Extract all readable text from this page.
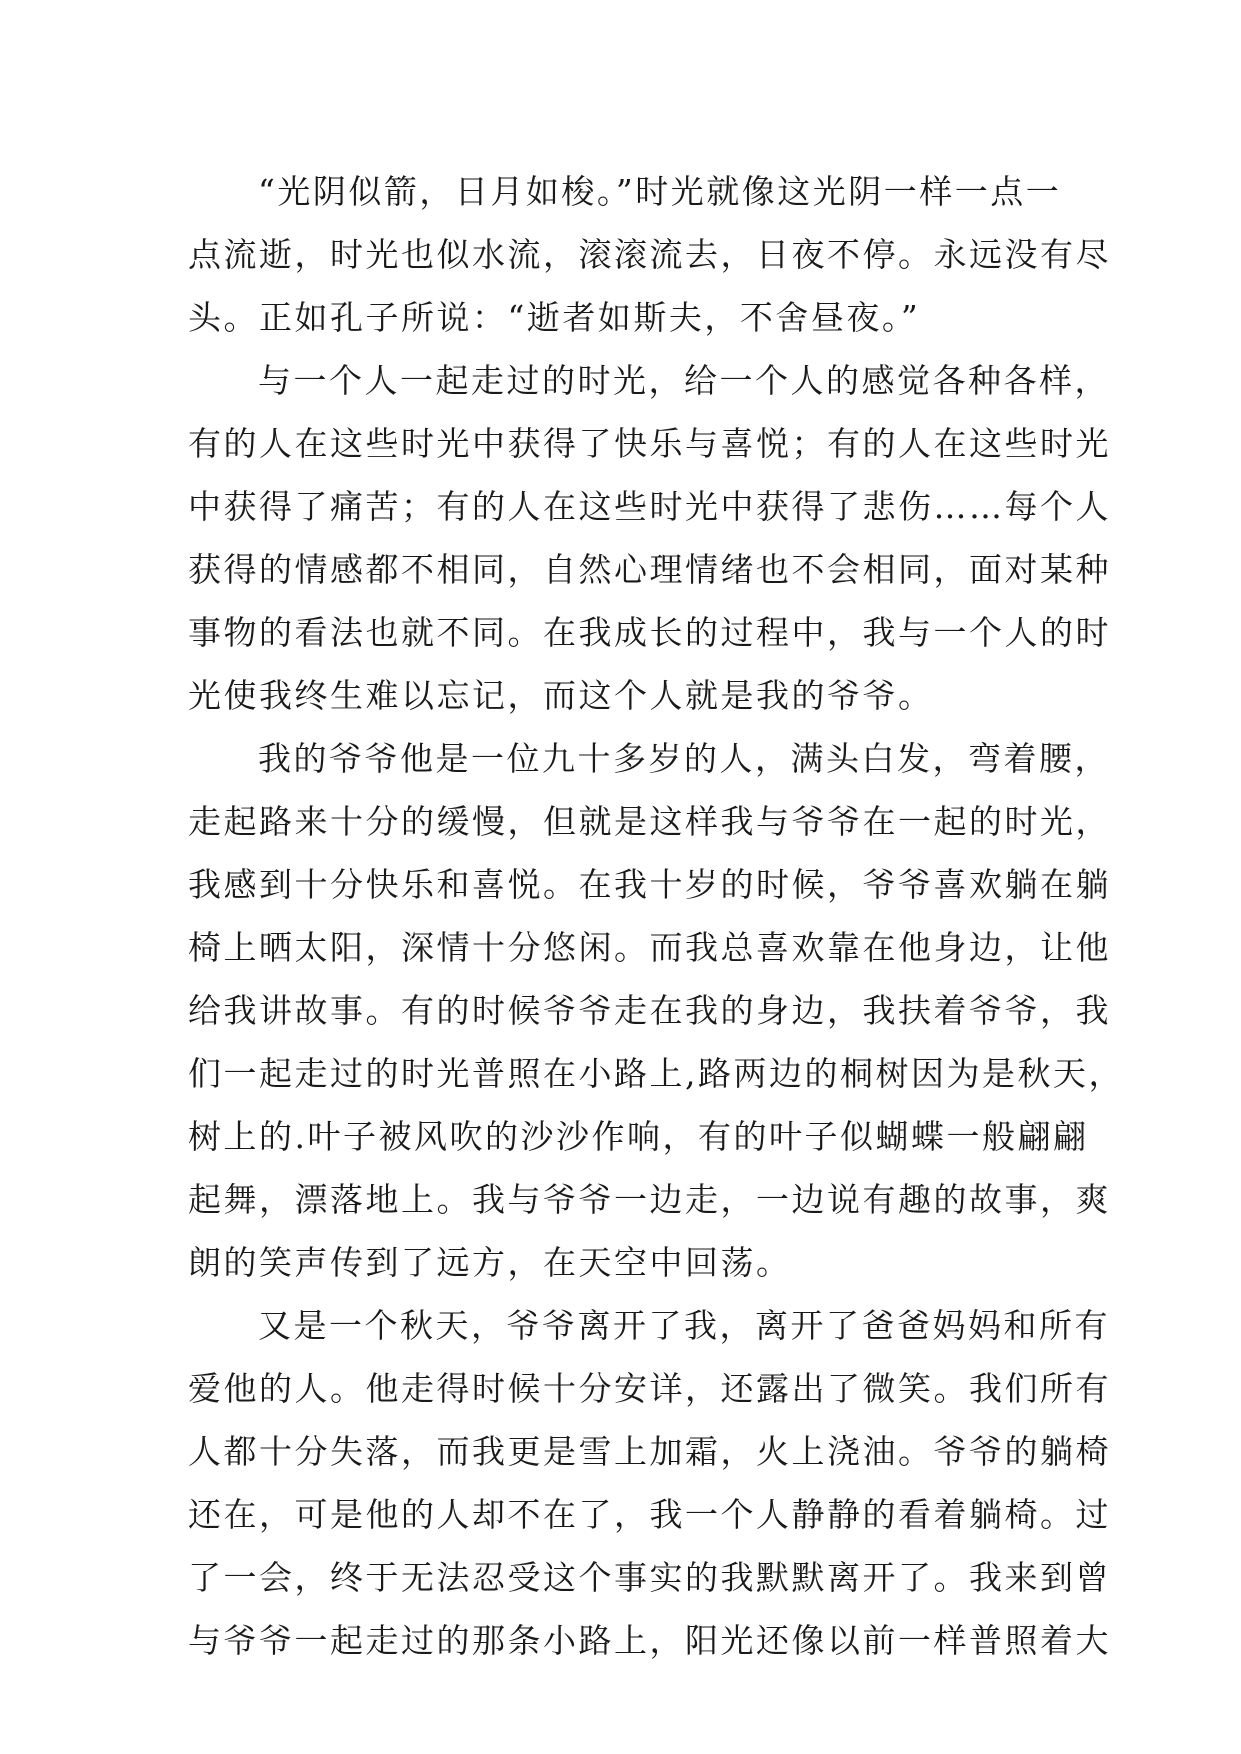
“光阴似箭，日月如梭。”时光就像这光阴一样一点一
点流逝，时光也似水流，滚滚流去，日夜不停。永远没有尽
头。正如孔子所说：“逝者如斯夫，不舍昼夜。”
与一个人一起走过的时光，给一个人的感觉各种各样，
有的人在这些时光中获得了快乐与喜悦；有的人在这些时光
中获得了痛苦；有的人在这些时光中获得了悲伤……每个人
获得的情感都不相同，自然心理情绪也不会相同，面对某种
事物的看法也就不同。在我成长的过程中，我与一个人的时
光使我终生难以忘记，而这个人就是我的爷爷。
我的爷爷他是一位九十多岁的人，满头白发，弯着腰，
走起路来十分的缓慢，但就是这样我与爷爷在一起的时光，
我感到十分快乐和喜悦。在我十岁的时候，爷爷喜欢躺在躺
椅上晒太阳，深情十分悠闲。而我总喜欢靠在他身边，让他
给我讲故事。有的时候爷爷走在我的身边，我扶着爷爷，我
们一起走过的时光普照在小路上,路两边的桐树因为是秋天，
树上的.叶子被风吹的沙沙作响，有的叶子似蝴蝶一般翩翩
起舞，漂落地上。我与爷爷一边走，一边说有趣的故事，爽
朗的笑声传到了远方，在天空中回荡。
又是一个秋天，爷爷离开了我，离开了爸爸妈妈和所有
爱他的人。他走得时候十分安详，还露出了微笑。我们所有
人都十分失落，而我更是雪上加霜，火上浇油。爷爷的躺椅
还在，可是他的人却不在了，我一个人静静的看着躺椅。过
了一会，终于无法忍受这个事实的我默默离开了。我来到曾
与爷爷一起走过的那条小路上，阳光还像以前一样普照着大
